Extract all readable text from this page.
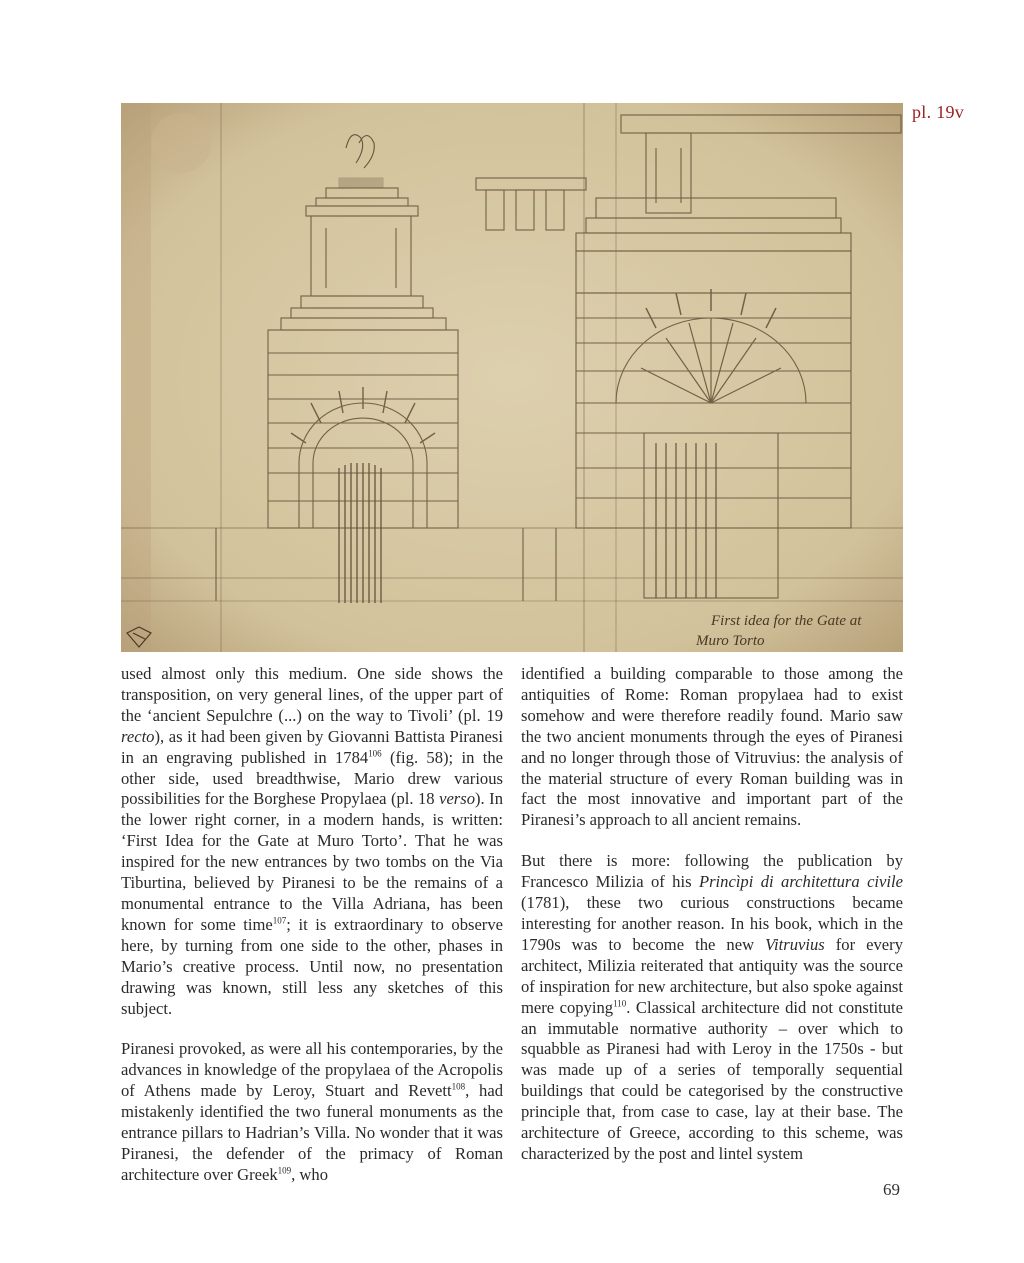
pl. 19v
First idea for the Gate at
Muro Torto

used almost only this medium. One side shows the transposition, on very general lines, of the upper part of the ‘ancient Sepulchre (...) on the way to Tivoli’ (pl. 19 recto), as it had been given by Giovanni Battista Piranesi in an engraving published in 1784$^{106}$ (fig. 58); in the other side, used breadthwise, Mario drew various possibilities for the Borghese Propylaea (pl. 18 verso). In the lower right corner, in a modern hands, is written: ‘First Idea for the Gate at Muro Torto’. That he was inspired for the new entrances by two tombs on the Via Tiburtina, believed by Piranesi to be the remains of a monumental entrance to the Villa Adriana, has been known for some time$^{107}$; it is extraordinary to observe here, by turning from one side to the other, phases in Mario’s creative process. Until now, no presentation drawing was known, still less any sketches of this subject.

Piranesi provoked, as were all his contemporaries, by the advances in knowledge of the propylaea of the Acropolis of Athens made by Leroy, Stuart and Revett$^{108}$, had mistakenly identified the two funeral monuments as the entrance pillars to Hadrian’s Villa. No wonder that it was Piranesi, the defender of the primacy of Roman architecture over Greek$^{109}$, who

identified a building comparable to those among the antiquities of Rome: Roman propylaea had to exist somehow and were therefore readily found. Mario saw the two ancient monuments through the eyes of Piranesi and no longer through those of Vitruvius: the analysis of the material structure of every Roman building was in fact the most innovative and important part of the Piranesi’s approach to all ancient remains.

But there is more: following the publication by Francesco Milizia of his Princìpi di architettura civile (1781), these two curious constructions became interesting for another reason. In his book, which in the 1790s was to become the new Vitruvius for every architect, Milizia reiterated that antiquity was the source of inspiration for new architecture, but also spoke against mere copying$^{110}$. Classical architecture did not constitute an immutable normative authority – over which to squabble as Piranesi had with Leroy in the 1750s - but was made up of a series of temporally sequential buildings that could be categorised by the constructive principle that, from case to case, lay at their base. The architecture of Greece, according to this scheme, was characterized by the post and lintel system

69
